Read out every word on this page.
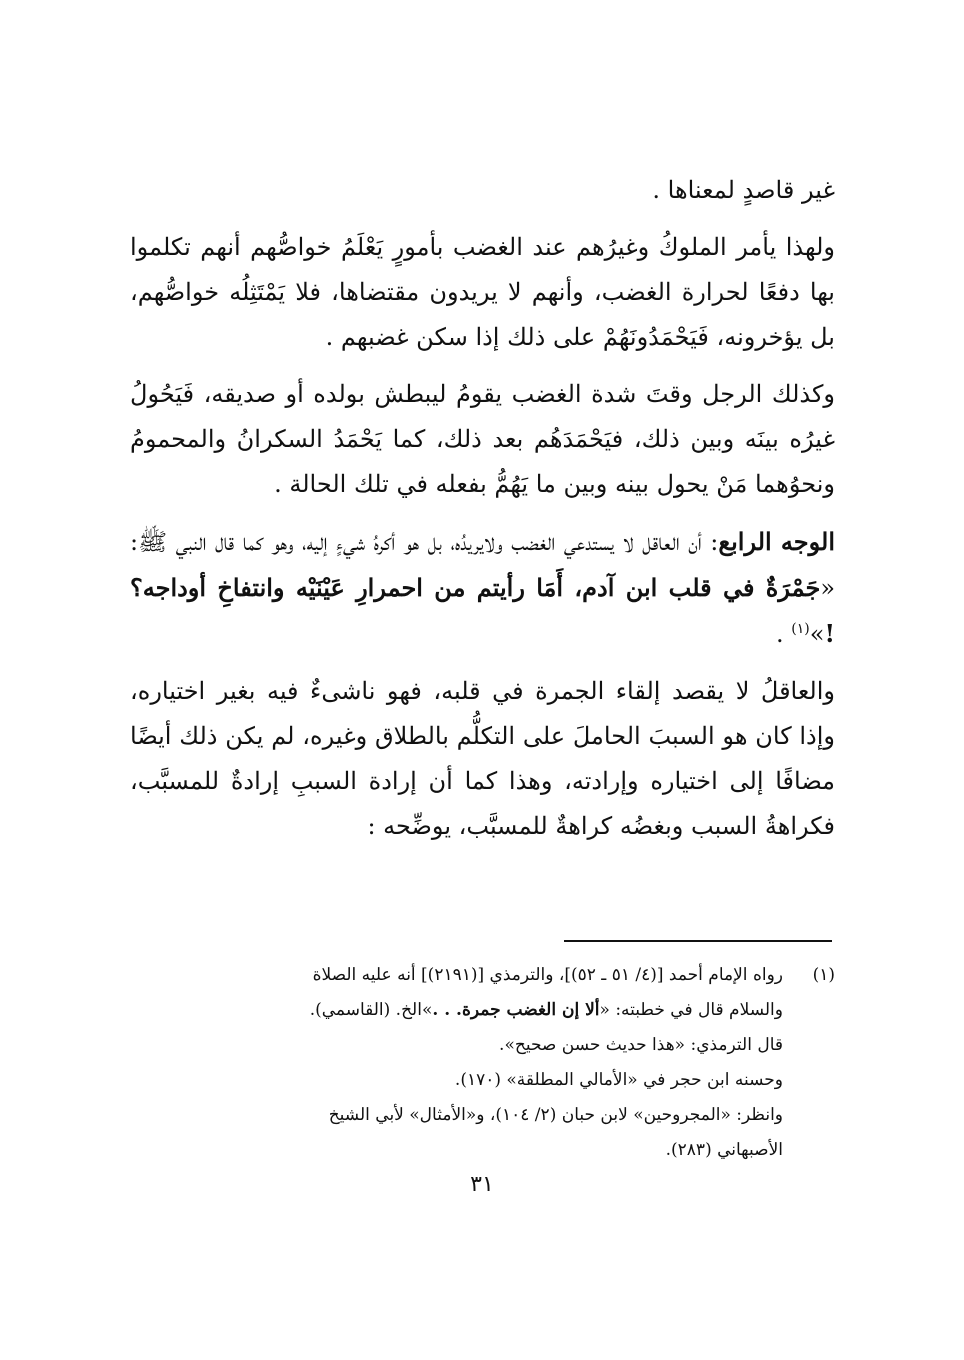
غير قاصدٍ لمعناها .

ولهذا يأمر الملوكُ وغيرُهم عند الغضب بأمورٍ يَعْلَمُ خواصُّهم أنهم تكلموا بها دفعًا لحرارة الغضب، وأنهم لا يريدون مقتضاها، فلا يَمْتَثِلُه خواصُّهم، بل يؤخرونه، فَيَحْمَدُونَهُمْ على ذلك إذا سكن غضبهم .

وكذلك الرجل وقتَ شدة الغضب يقومُ ليبطش بولده أو صديقه، فَيَحُولُ غيرُه بينَه وبين ذلك، فيَحْمَدَهُم بعد ذلك، كما يَحْمَدُ السكرانُ والمحمومُ ونحوُهما مَنْ يحول بينه وبين ما يَهُمُّ بفعله في تلك الحالة .

الوجه الرابع: أن العاقل لا يستدعي الغضب ولايريدُه، بل هو أكرهُ شيءٍ إليه، وهو كما قال النبي ﷺ: «جَمْرَةٌ في قلب ابن آدم، أَمَا رأيتم من احمرارِ عَيْنَيْه وانتفاخِ أوداجه؟ !»$^{(١)}$ .

والعاقلُ لا يقصد إلقاء الجمرة في قلبه، فهو ناشىءٌ فيه بغير اختياره، وإذا كان هو السببَ الحاملَ على التكلُّم بالطلاق وغيره، لم يكن ذلك أيضًا مضافًا إلى اختياره وإرادته، وهذا كما أن إرادة السببِ إرادةٌ للمسبَّب، فكراهةُ السبب وبغضُه كراهةٌ للمسبَّب، يوضِّحه :

(١)رواه الإمام أحمد [(٤/ ٥١ ـ ٥٢)]، والترمذي [(٢١٩١)] أنه عليه الصلاة

والسلام قال في خطبته: «ألا إن الغضب جمرة. . .»الخ. (القاسمي).

قال الترمذي: «هذا حديث حسن صحيح».

وحسنه ابن حجر في «الأمالي المطلقة» (١٧٠).

وانظر: «المجروحين» لابن حبان (٢/ ١٠٤)، و«الأمثال» لأبي الشيخ

الأصبهاني (٢٨٣).

٣١
